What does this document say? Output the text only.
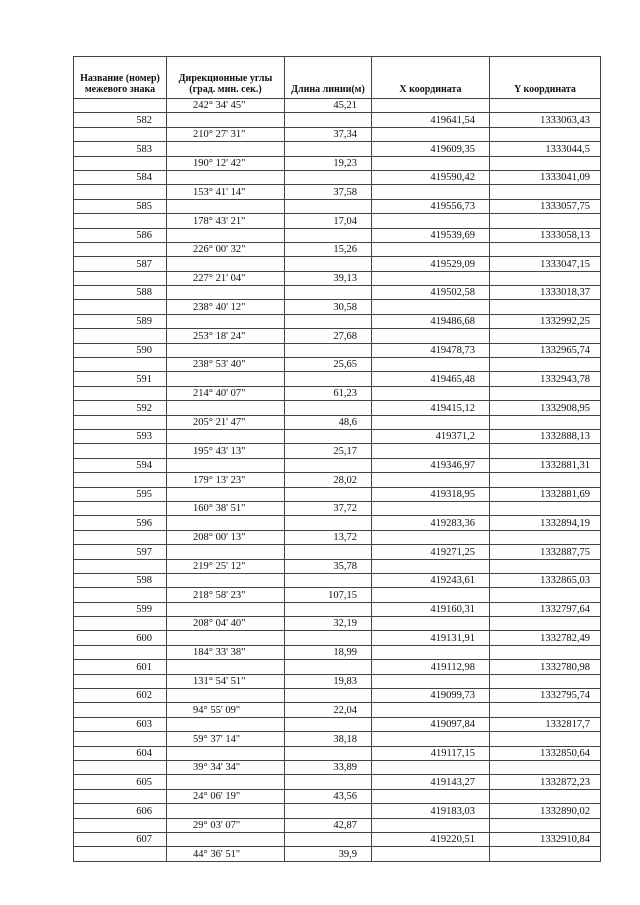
Название (номер) межевого знака	Дирекционные углы (град. мин. сек.)	Длина линии(м)	X координата	Y координата
	242° 34' 45"	45,21		
582			419641,54	1333063,43
	210° 27' 31"	37,34		
583			419609,35	1333044,5
	190° 12' 42"	19,23		
584			419590,42	1333041,09
	153° 41' 14"	37,58		
585			419556,73	1333057,75
	178° 43' 21"	17,04		
586			419539,69	1333058,13
	226° 00' 32"	15,26		
587			419529,09	1333047,15
	227° 21' 04"	39,13		
588			419502,58	1333018,37
	238° 40' 12"	30,58		
589			419486,68	1332992,25
	253° 18' 24"	27,68		
590			419478,73	1332965,74
	238° 53' 40"	25,65		
591			419465,48	1332943,78
	214° 40' 07"	61,23		
592			419415,12	1332908,95
	205° 21' 47"	48,6		
593			419371,2	1332888,13
	195° 43' 13"	25,17		
594			419346,97	1332881,31
	179° 13' 23"	28,02		
595			419318,95	1332881,69
	160° 38' 51"	37,72		
596			419283,36	1332894,19
	208° 00' 13"	13,72		
597			419271,25	1332887,75
	219° 25' 12"	35,78		
598			419243,61	1332865,03
	218° 58' 23"	107,15		
599			419160,31	1332797,64
	208° 04' 40"	32,19		
600			419131,91	1332782,49
	184° 33' 38"	18,99		
601			419112,98	1332780,98
	131° 54' 51"	19,83		
602			419099,73	1332795,74
	94° 55' 09"	22,04		
603			419097,84	1332817,7
	59° 37' 14"	38,18		
604			419117,15	1332850,64
	39° 34' 34"	33,89		
605			419143,27	1332872,23
	24° 06' 19"	43,56		
606			419183,03	1332890,02
	29° 03' 07"	42,87		
607			419220,51	1332910,84
	44° 36' 51"	39,9		
